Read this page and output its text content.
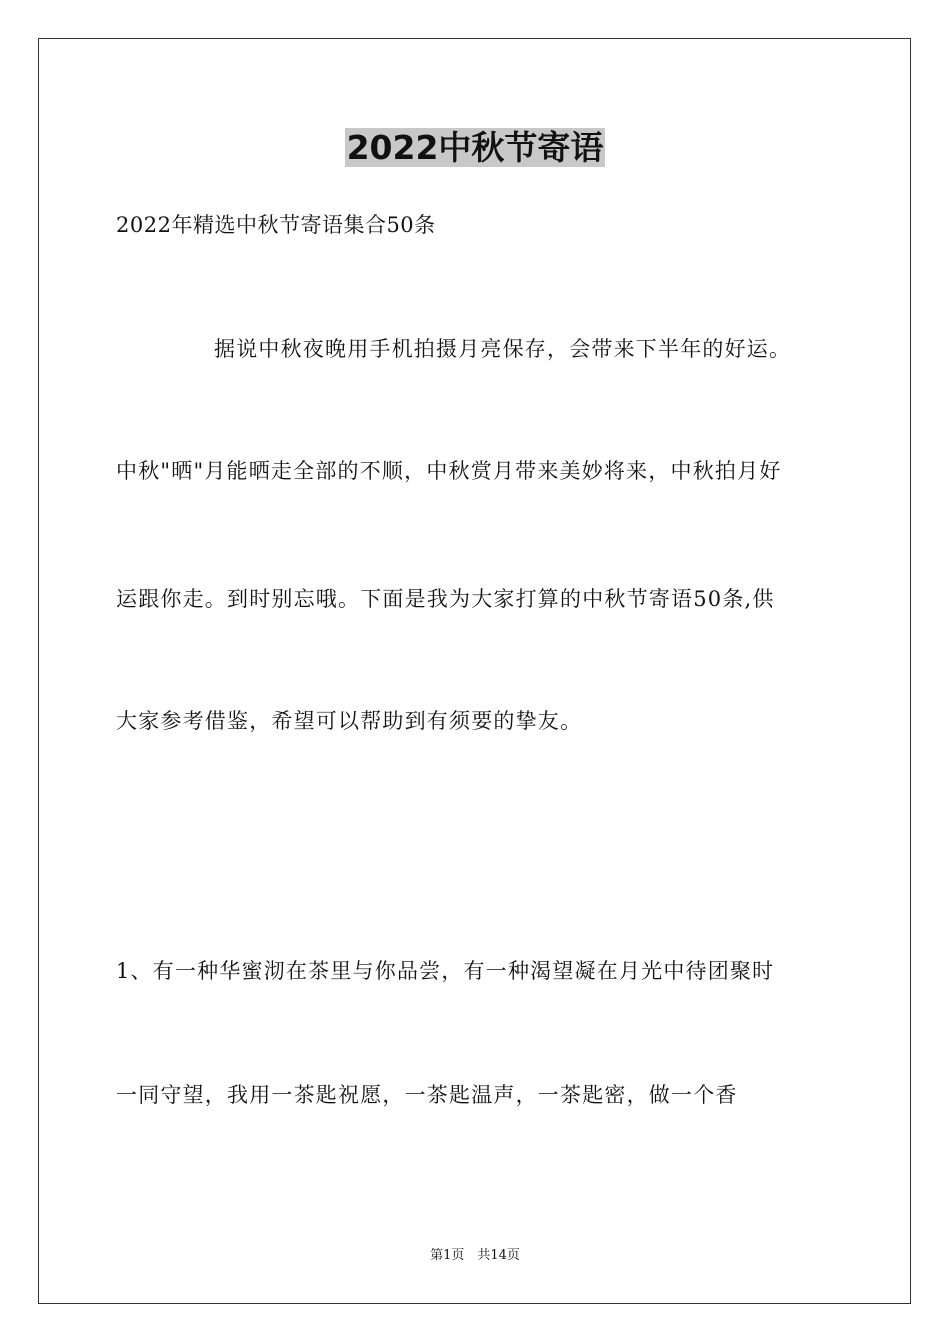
2022中秋节寄语

2022年精选中秋节寄语集合50条

据说中秋夜晚用手机拍摄月亮保存，会带来下半年的好运。

中秋"晒"月能晒走全部的不顺，中秋赏月带来美妙将来，中秋拍月好

运跟你走。到时别忘哦。下面是我为大家打算的中秋节寄语50条,供

大家参考借鉴，希望可以帮助到有须要的挚友。

1、有一种华蜜沏在茶里与你品尝，有一种渴望凝在月光中待团聚时

一同守望，我用一茶匙祝愿，一茶匙温声，一茶匙密，做一个香

第1页　共14页
